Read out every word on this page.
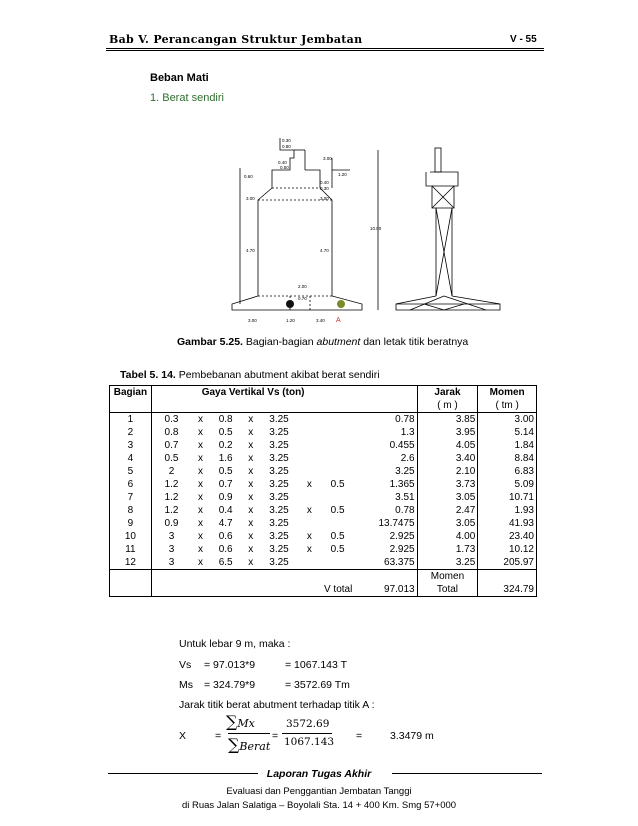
Bab V. Perancangan Struktur Jembatan	V - 55
Beban Mati
1. Berat sendiri
0.30
0.80
0.40
0.50
0.60
3.00
4.70
2.00
0.70
3.00
1.20
0.40
0.30
3.00
4.70
10.00
3.00	1.20	3.40 A
Gambar 5.25. Bagian-bagian abutment dan letak titik beratnya
Tabel 5. 14. Pembebanan abutment akibat berat sendiri
Bagian	Gaya Vertikal Vs (ton)								Jarak	Momen
									( m )	( tm )
1	0.3	x	0.8	x	3.25			0.78	3.85	3.00
2	0.8	x	0.5	x	3.25			1.3	3.95	5.14
3	0.7	x	0.2	x	3.25			0.455	4.05	1.84
4	0.5	x	1.6	x	3.25			2.6	3.40	8.84
5	2	x	0.5	x	3.25			3.25	2.10	6.83
6	1.2	x	0.7	x	3.25	x	0.5	1.365	3.73	5.09
7	1.2	x	0.9	x	3.25			3.51	3.05	10.71
8	1.2	x	0.4	x	3.25	x	0.5	0.78	2.47	1.93
9	0.9	x	4.7	x	3.25			13.7475	3.05	41.93
10	3	x	0.6	x	3.25	x	0.5	2.925	4.00	23.40
11	3	x	0.6	x	3.25	x	0.5	2.925	1.73	10.12
12	3	x	6.5	x	3.25			63.375	3.25	205.97
									Momen	
	V total							97.013	Total	324.79
Untuk lebar 9 m, maka :
Vs = 97.013*9	= 1067.143 T
Ms = 324.79*9	= 3572.69 Tm
Jarak titik berat abutment terhadap titik A :
X	=
∑Mx
∑Berat
=
3572.69
1067.143 =	3.3479 m
Laporan Tugas Akhir
Evaluasi dan Penggantian Jembatan Tanggi
di Ruas Jalan Salatiga – Boyolali Sta. 14 + 400 Km. Smg 57+000
